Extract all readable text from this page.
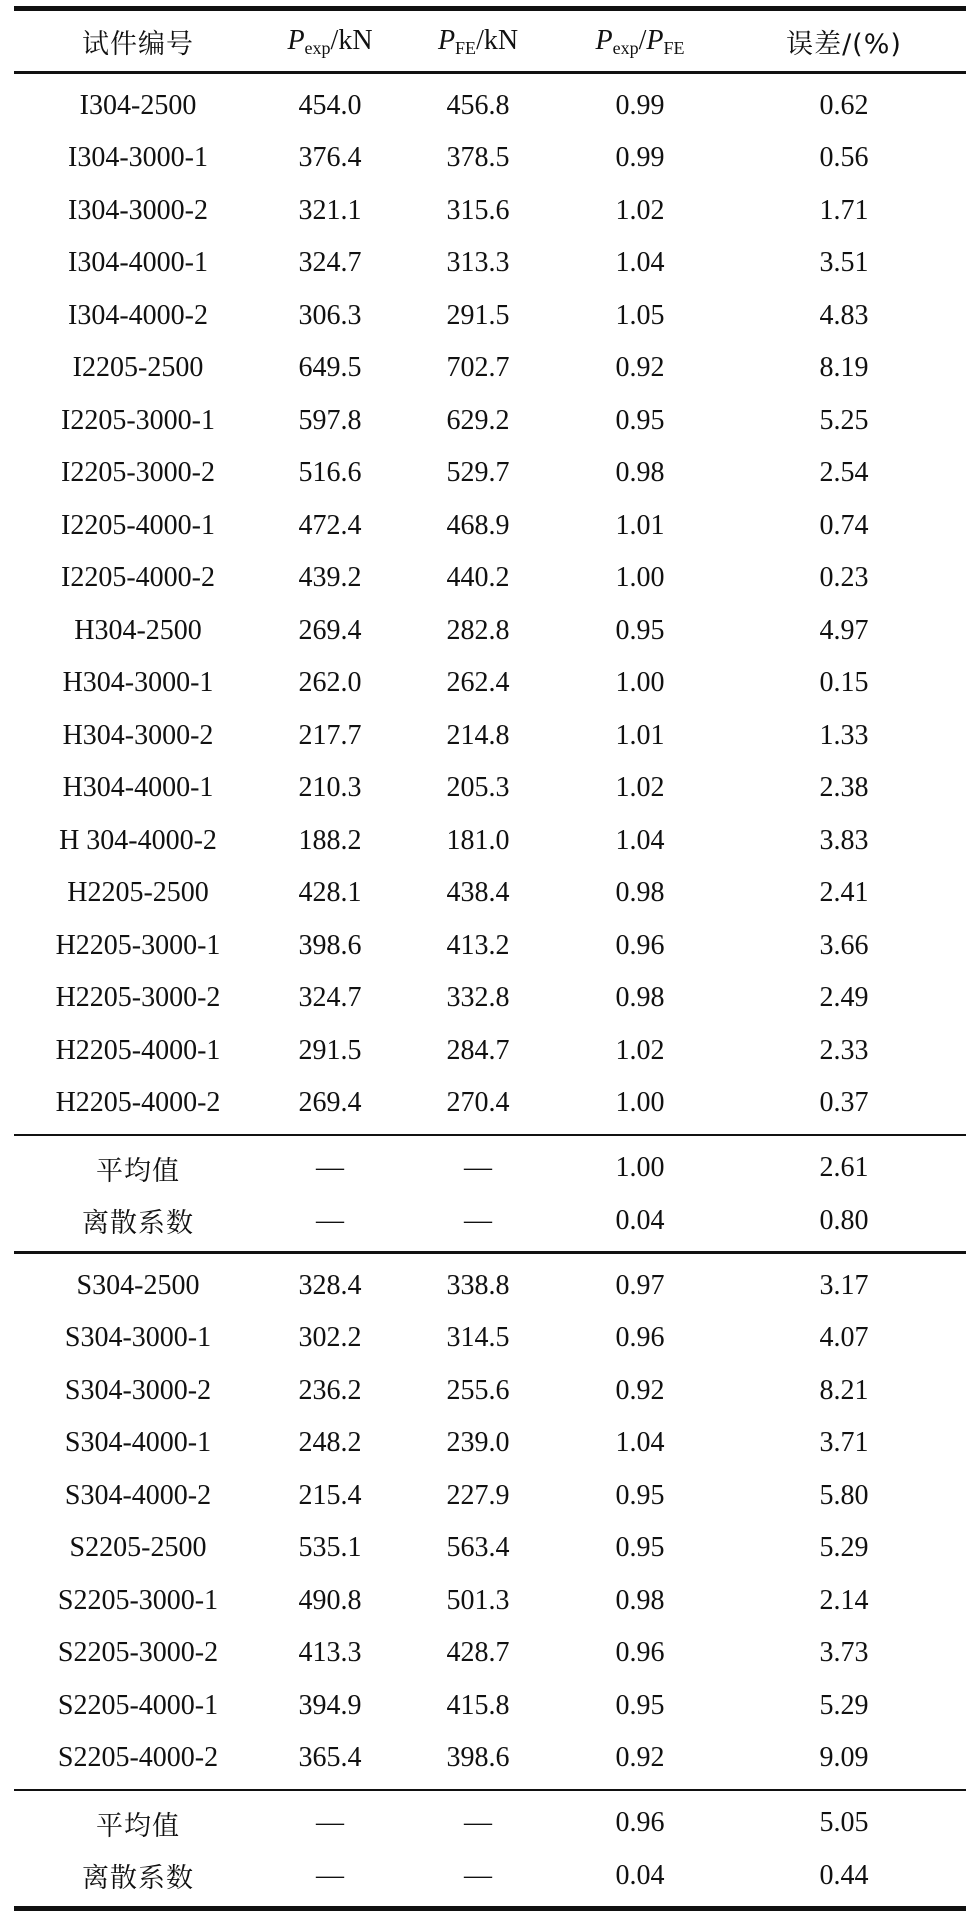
试件编号	$P_{exp}/kN$	$P_{FE}/kN$	$P_{exp}/P_{FE}$	误差/(%)
I304-2500	454.0	456.8	0.99	0.62
I304-3000-1	376.4	378.5	0.99	0.56
I304-3000-2	321.1	315.6	1.02	1.71
I304-4000-1	324.7	313.3	1.04	3.51
I304-4000-2	306.3	291.5	1.05	4.83
I2205-2500	649.5	702.7	0.92	8.19
I2205-3000-1	597.8	629.2	0.95	5.25
I2205-3000-2	516.6	529.7	0.98	2.54
I2205-4000-1	472.4	468.9	1.01	0.74
I2205-4000-2	439.2	440.2	1.00	0.23
H304-2500	269.4	282.8	0.95	4.97
H304-3000-1	262.0	262.4	1.00	0.15
H304-3000-2	217.7	214.8	1.01	1.33
H304-4000-1	210.3	205.3	1.02	2.38
H 304-4000-2	188.2	181.0	1.04	3.83
H2205-2500	428.1	438.4	0.98	2.41
H2205-3000-1	398.6	413.2	0.96	3.66
H2205-3000-2	324.7	332.8	0.98	2.49
H2205-4000-1	291.5	284.7	1.02	2.33
H2205-4000-2	269.4	270.4	1.00	0.37
平均值	—	—	1.00	2.61
离散系数	—	—	0.04	0.80
S304-2500	328.4	338.8	0.97	3.17
S304-3000-1	302.2	314.5	0.96	4.07
S304-3000-2	236.2	255.6	0.92	8.21
S304-4000-1	248.2	239.0	1.04	3.71
S304-4000-2	215.4	227.9	0.95	5.80
S2205-2500	535.1	563.4	0.95	5.29
S2205-3000-1	490.8	501.3	0.98	2.14
S2205-3000-2	413.3	428.7	0.96	3.73
S2205-4000-1	394.9	415.8	0.95	5.29
S2205-4000-2	365.4	398.6	0.92	9.09
平均值	—	—	0.96	5.05
离散系数	—	—	0.04	0.44
